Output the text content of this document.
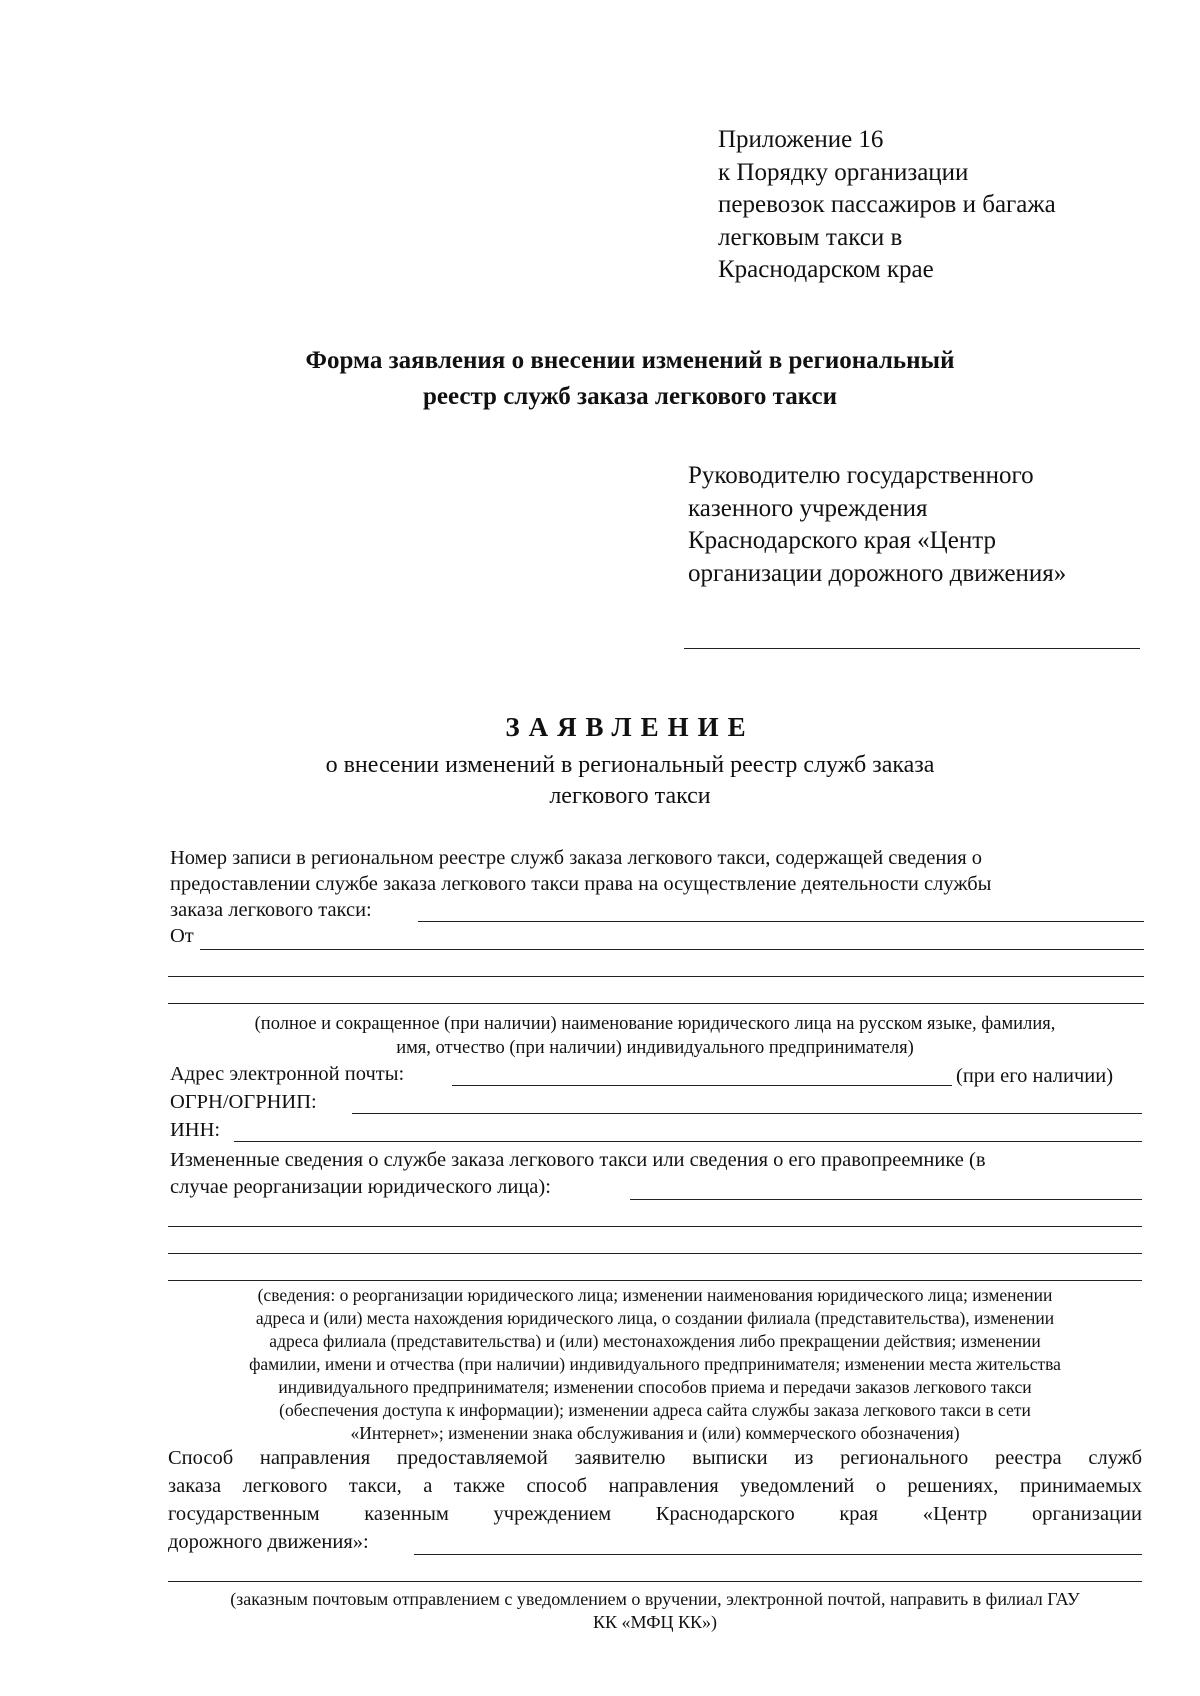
Приложение 16
к Порядку организации
перевозок пассажиров и багажа
легковым такси в
Краснодарском крае
Форма заявления о внесении изменений в региональный
реестр служб заказа легкового такси
Руководителю государственного
казенного учреждения
Краснодарского края «Центр
организации дорожного движения»
ЗАЯВЛЕНИЕ
о внесении изменений в региональный реестр служб заказа
легкового такси
Номер записи в региональном реестре служб заказа легкового такси, содержащей сведения о
предоставлении службе заказа легкового такси права на осуществление деятельности службы
заказа легкового такси:
От
(полное и сокращенное (при наличии) наименование юридического лица на русском языке, фамилия,
имя, отчество (при наличии) индивидуального предпринимателя)
Адрес электронной почты:	(при его наличии)
ОГРН/ОГРНИП:
ИНН:
Измененные сведения о службе заказа легкового такси или сведения о его правопреемнике (в
случае реорганизации юридического лица):
(сведения: о реорганизации юридического лица; изменении наименования юридического лица; изменении
адреса и (или) места нахождения юридического лица, о создании филиала (представительства), изменении
адреса филиала (представительства) и (или) местонахождения либо прекращении действия; изменении
фамилии, имени и отчества (при наличии) индивидуального предпринимателя; изменении места жительства
индивидуального предпринимателя; изменении способов приема и передачи заказов легкового такси
(обеспечения доступа к информации); изменении адреса сайта службы заказа легкового такси в сети
«Интернет»; изменении знака обслуживания и (или) коммерческого обозначения)
Способ направления предоставляемой заявителю выписки из регионального реестра служб
заказа легкового такси, а также способ направления уведомлений о решениях, принимаемых
государственным казенным учреждением Краснодарского края «Центр организации
дорожного движения»:
(заказным почтовым отправлением с уведомлением о вручении, электронной почтой, направить в филиал ГАУ
КК «МФЦ КК»)
